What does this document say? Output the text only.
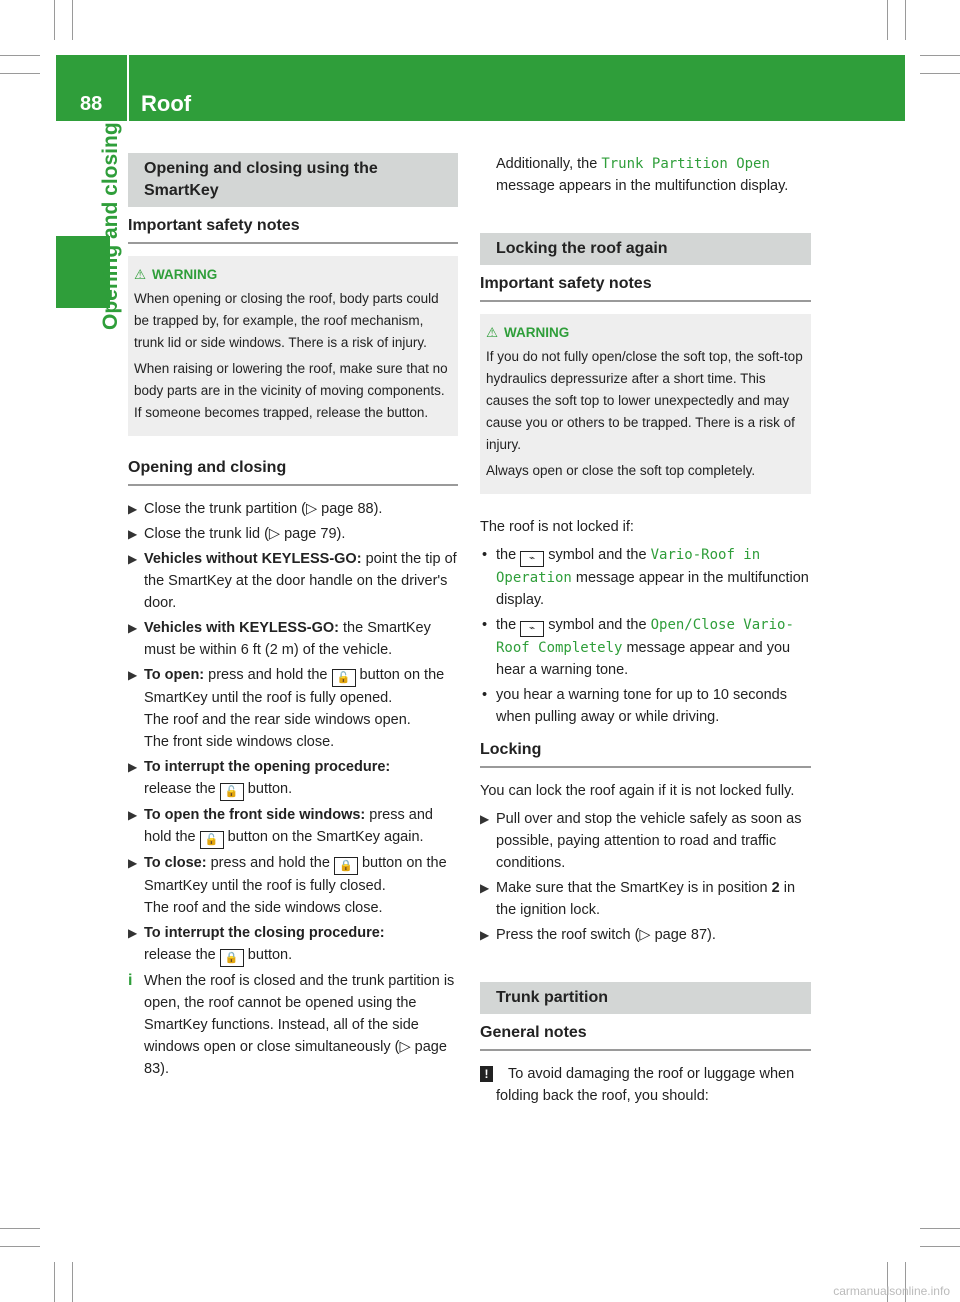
88 Roof
Opening and closing	Opening and closing using the SmartKey
Important safety notes
⚠ WARNING

When opening or closing the roof, body parts could be trapped by, for example, the roof mechanism, trunk lid or side windows. There is a risk of injury.

When raising or lowering the roof, make sure that no body parts are in the vicinity of moving components. If someone becomes trapped, release the button.

Opening and closing
▶ Close the trunk partition (▷ page 88).
▶ Close the trunk lid (▷ page 79).
▶ Vehicles without KEYLESS-GO: point the tip of the SmartKey at the door handle on the driver's door.
▶ Vehicles with KEYLESS-GO: the SmartKey must be within 6 ft (2 m) of the vehicle.
▶ To open: press and hold the 🔓 button on the SmartKey until the roof is fully opened.
The roof and the rear side windows open.
The front side windows close.
▶ To interrupt the opening procedure:
release the 🔓 button.
▶ To open the front side windows: press and hold the 🔓 button on the SmartKey again.
▶ To close: press and hold the 🔒 button on the SmartKey until the roof is fully closed.
The roof and the side windows close.
▶ To interrupt the closing procedure:
release the 🔒 button.
i When the roof is closed and the trunk partition is open, the roof cannot be opened using the SmartKey functions. Instead, all of the side windows open or close simultaneously (▷ page 83).
Additionally, the Trunk Partition Open message appears in the multifunction display.
Locking the roof again
Important safety notes
⚠ WARNING

If you do not fully open/close the soft top, the soft-top hydraulics depressurize after a short time. This causes the soft top to lower unexpectedly and may cause you or others to be trapped. There is a risk of injury.

Always open or close the soft top completely.

The roof is not locked if:
• the ⌁ symbol and the Vario-Roof in Operation message appear in the multifunction display.
• the ⌁ symbol and the Open/Close Vario-Roof Completely message appear and you hear a warning tone.
• you hear a warning tone for up to 10 seconds when pulling away or while driving.
Locking
You can lock the roof again if it is not locked fully.
▶ Pull over and stop the vehicle safely as soon as possible, paying attention to road and traffic conditions.
▶ Make sure that the SmartKey is in position 2 in the ignition lock.
▶ Press the roof switch (▷ page 87).
Trunk partition
General notes
!	To avoid damaging the roof or luggage when folding back the roof, you should:
carmanualsonline.info
